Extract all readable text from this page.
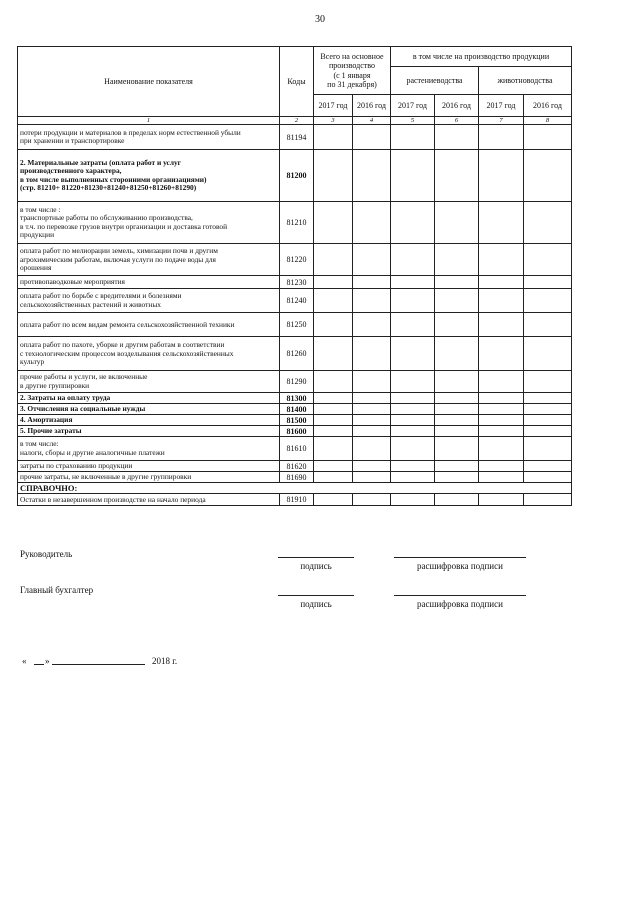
30
Наименование показателя	Коды	Всего на основное
производство
(с 1 января
по 31 декабря)		в том числе на производство продукции			
				растениеводства		животноводства	
		2017 год	2016 год	2017 год	2016 год	2017 год	2016 год
1	2	3	4	5	6	7	8

потери продукции и материалов в пределах норм естественной убыли
при хранении и транспортировке	81194						

2. Материальные затраты (оплата работ и услуг
производственного характера,
в том числе выполненных сторонними организациями)
(стр. 81210+ 81220+81230+81240+81250+81260+81290)	81200						

в том числе :
транспортные работы по обслуживанию производства,
в т.ч. по перевозке грузов внутри организации и доставка готовой
продукции	81210						

оплата работ по мелиорации земель, химизации почв и другим
агрохимическим работам, включая услуги по подаче воды для
орошения	81220						

противопаводковые мероприятия	81230						

оплата работ по борьбе с вредителями и болезнями
сельскохозяйственных растений и животных	81240						

оплата работ по всем видам ремонта сельскохозяйственной техники	81250						

оплата работ по пахоте, уборке и другим работам в соответствии
с технологическим процессом возделывания сельскохозяйственных
культур	81260						

прочие работы и услуги, не включенные
в другие группировки	81290						

2. Затраты на оплату труда	81300						

3. Отчисления на социальные нужды	81400						

4. Амортизация	81500						

5. Прочие затраты	81600						

в том числе:
налоги, сборы и другие аналогичные платежи	81610						

затраты по страхованию продукции	81620						

прочие затраты, не включенные в другие группировки	81690						
СПРАВОЧНО:							
Остатки в незавершенном производстве на начало периода	81910						
Руководитель
подпись	расшифровка подписи
Главный бухгалтер
подпись	расшифровка подписи
« »	2018 г.
